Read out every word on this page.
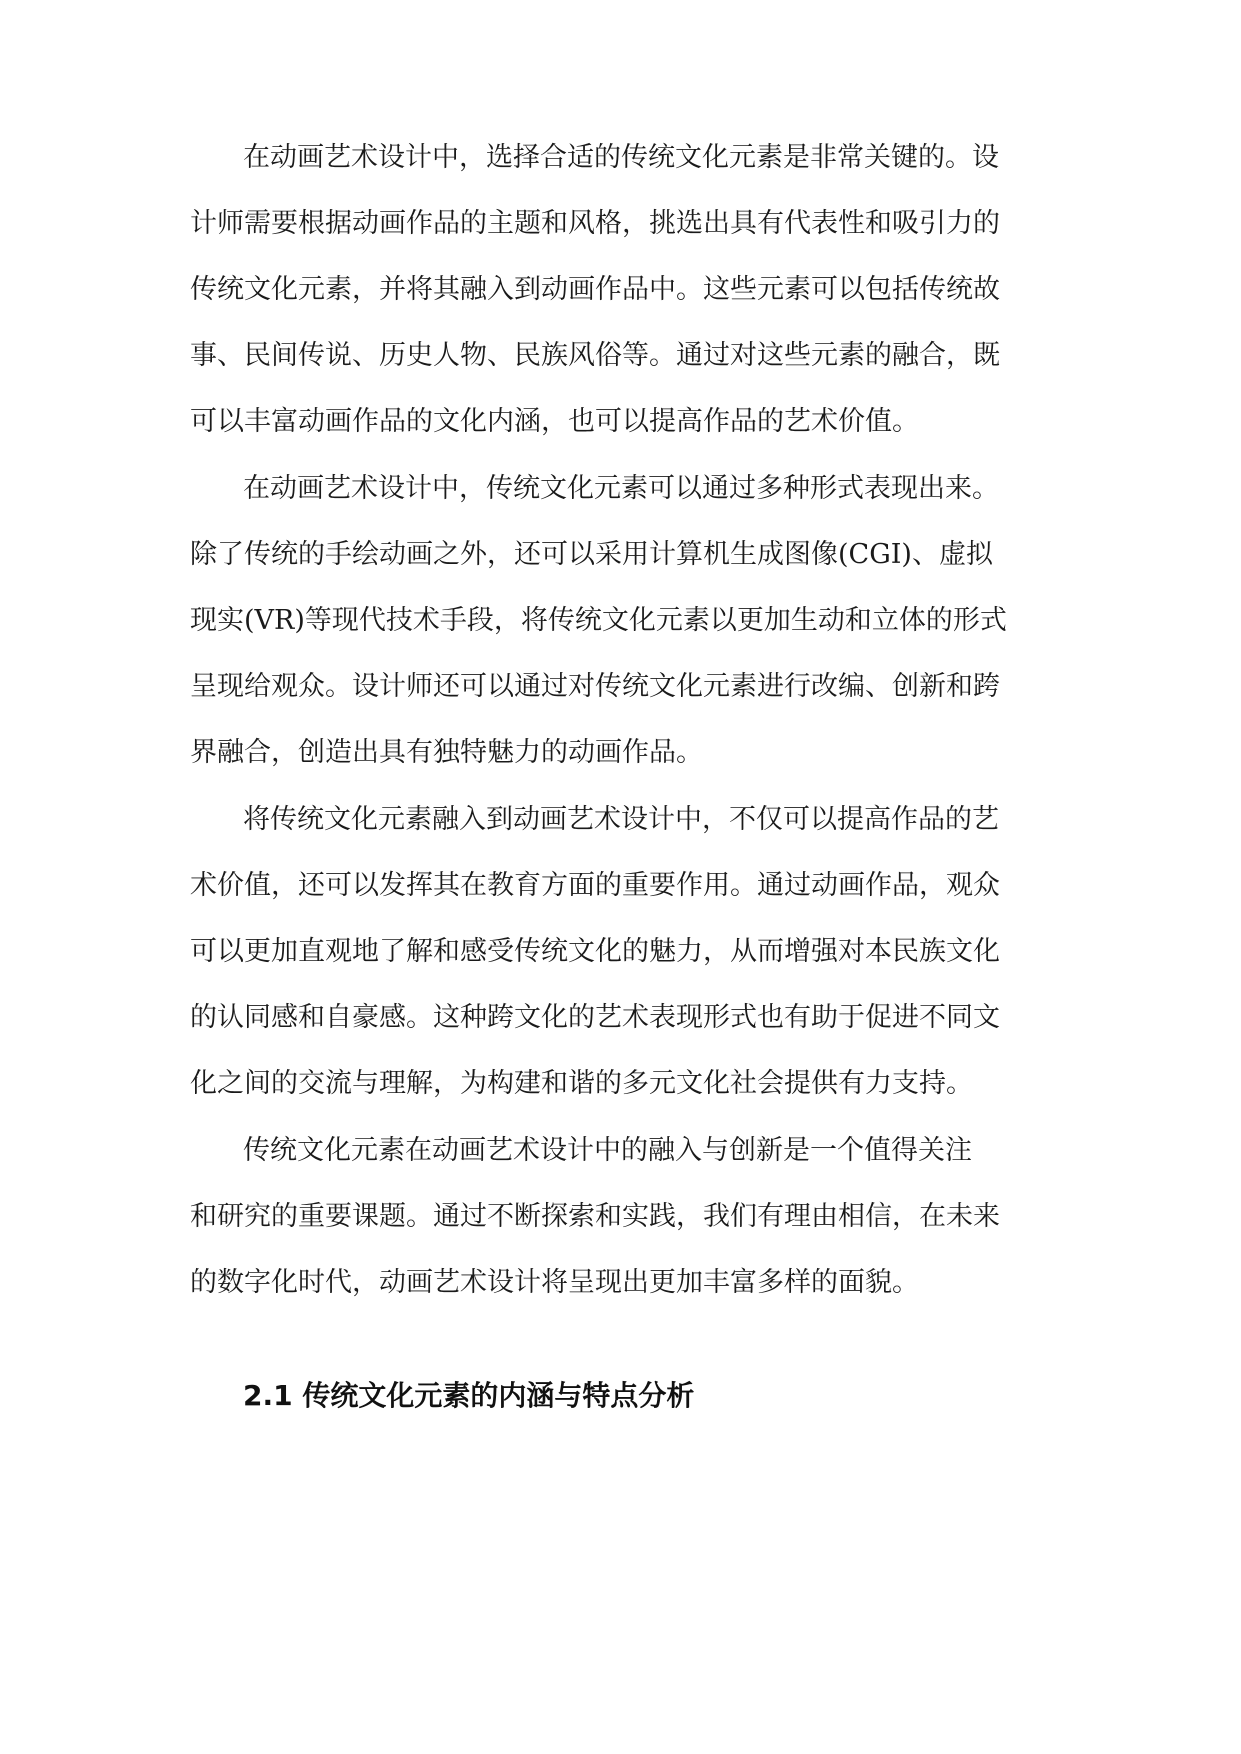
在动画艺术设计中，选择合适的传统文化元素是非常关键的。设
计师需要根据动画作品的主题和风格，挑选出具有代表性和吸引力的
传统文化元素，并将其融入到动画作品中。这些元素可以包括传统故
事、民间传说、历史人物、民族风俗等。通过对这些元素的融合，既
可以丰富动画作品的文化内涵，也可以提高作品的艺术价值。
在动画艺术设计中，传统文化元素可以通过多种形式表现出来。
除了传统的手绘动画之外，还可以采用计算机生成图像(CGI)、虚拟
现实(VR)等现代技术手段，将传统文化元素以更加生动和立体的形式
呈现给观众。设计师还可以通过对传统文化元素进行改编、创新和跨
界融合，创造出具有独特魅力的动画作品。
将传统文化元素融入到动画艺术设计中，不仅可以提高作品的艺
术价值，还可以发挥其在教育方面的重要作用。通过动画作品，观众
可以更加直观地了解和感受传统文化的魅力，从而增强对本民族文化
的认同感和自豪感。这种跨文化的艺术表现形式也有助于促进不同文
化之间的交流与理解，为构建和谐的多元文化社会提供有力支持。
传统文化元素在动画艺术设计中的融入与创新是一个值得关注
和研究的重要课题。通过不断探索和实践，我们有理由相信，在未来
的数字化时代，动画艺术设计将呈现出更加丰富多样的面貌。
2.1 传统文化元素的内涵与特点分析
